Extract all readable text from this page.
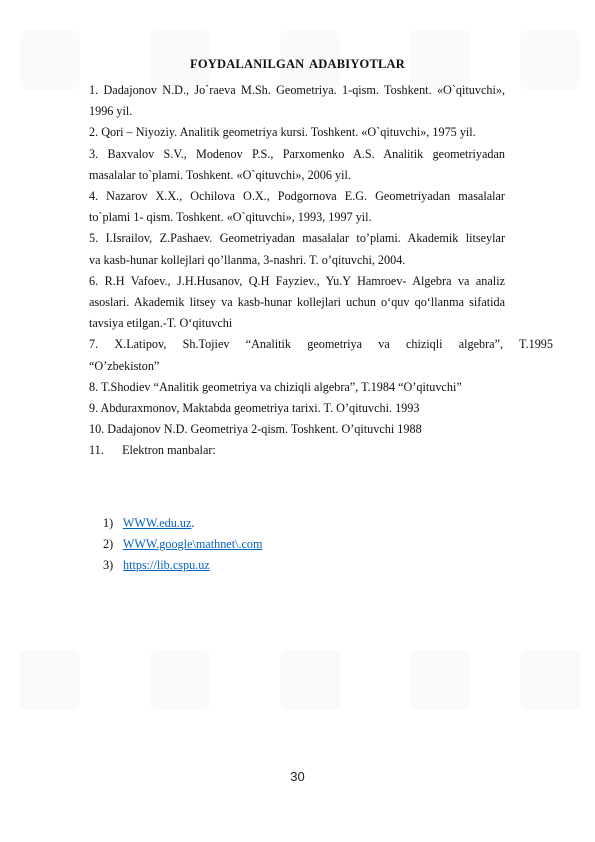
FOYDALANILGAN ADABIYOTLAR
1. Dadajonov N.D., Jo`raeva M.Sh. Geometriya. 1-qism. Toshkent. «O`qituvchi»,
1996 yil.
2. Qori – Niyoziy. Analitik geometriya kursi. Toshkent. «O`qituvchi», 1975 yil.
3. Baxvalov S.V., Modenov P.S., Parxomenko A.S. Analitik geometriyadan
masalalar to`plami. Toshkent. «O`qituvchi», 2006 yil.
4. Nazarov X.X., Ochilova O.X., Podgornova E.G. Geometriyadan masalalar
to`plami 1- qism. Toshkent. «O`qituvchi», 1993, 1997 yil.
5. I.Israilov, Z.Pashaev. Geometriyadan masalalar to’plami. Akademik litseylar
va kasb-hunar kollejlari qo’llanma, 3-nashri. T. o’qituvchi, 2004.
6. R.H Vafoev., J.H.Husanov, Q.H Fayziev., Yu.Y Hamroev- Algebra va analiz
asoslari. Akademik litsey va kasb-hunar kollejlari uchun o‘quv qo‘llanma sifatida
tavsiya etilgan.-T. O‘qituvchi
7. X.Latipov, Sh.Tojiev “Analitik geometriya va chiziqli algebra”, T.1995
“O’zbekiston”
8. T.Shodiev “Analitik geometriya va chiziqli algebra”, T.1984 “O’qituvchi”
9. Abduraxmonov, Maktabda geometriya tarixi. T. O’qituvchi. 1993
10. Dadajonov N.D. Geometriya 2-qism. Toshkent. O’qituvchi 1988
11.      Elektron manbalar:
1) WWW.edu.uz.
2) WWW.google\mathnet\.com
3) https://lib.cspu.uz
30
